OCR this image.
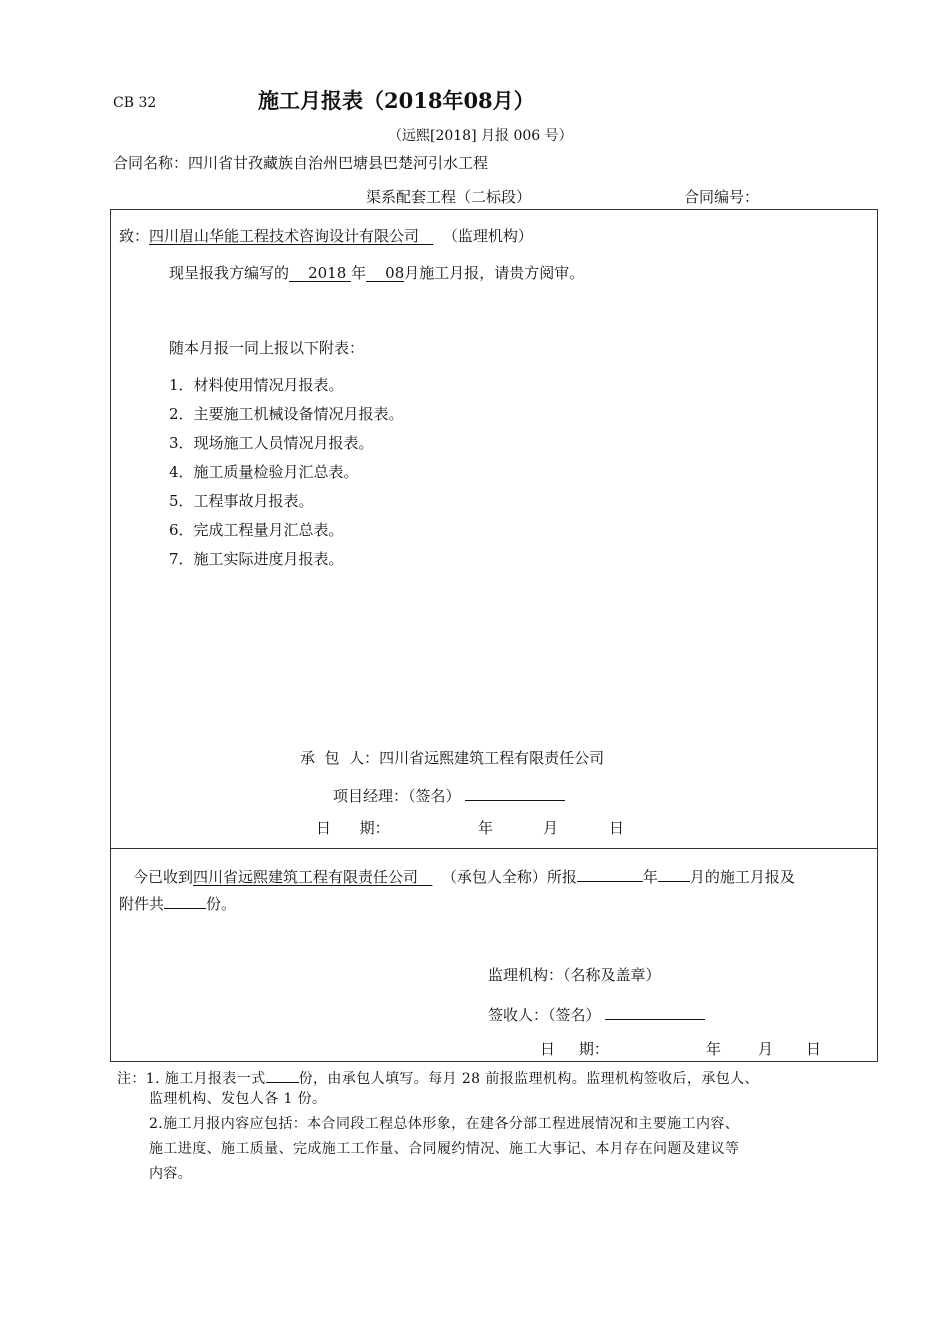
CB 32	施工月报表（2018年08月）
（远熙[2018] 月报 006 号）
合同名称：四川省甘孜藏族自治州巴塘县巴楚河引水工程
渠系配套工程（二标段）	合同编号：
致：四川眉山华能工程技术咨询设计有限公司 （监理机构）
现呈报我方编写的 2018 年 08月施工月报，请贵方阅审。
随本月报一同上报以下附表：
1．材料使用情况月报表。
2．主要施工机械设备情况月报表。
3．现场施工人员情况月报表。
4．施工质量检验月汇总表。
5．工程事故月报表。
6．完成工程量月汇总表。
7．施工实际进度月报表。
承  包  人：四川省远熙建筑工程有限责任公司
项目经理：（签名）
日      期：	年	月	日
今已收到四川省远熙建筑工程有限责任公司 （承包人全称）所报	年 月的施工月报及
附件共	份。
监理机构：（名称及盖章）
签收人：（签名）
日     期：	年 月 日
注：1. 施工月报表一式 份，由承包人填写。每月 28 前报监理机构。监理机构签收后，承包人、
监理机构、发包人各 1 份。
2.施工月报内容应包括：本合同段工程总体形象，在建各分部工程进展情况和主要施工内容、
施工进度、施工质量、完成施工工作量、合同履约情况、施工大事记、本月存在问题及建议等
内容。
